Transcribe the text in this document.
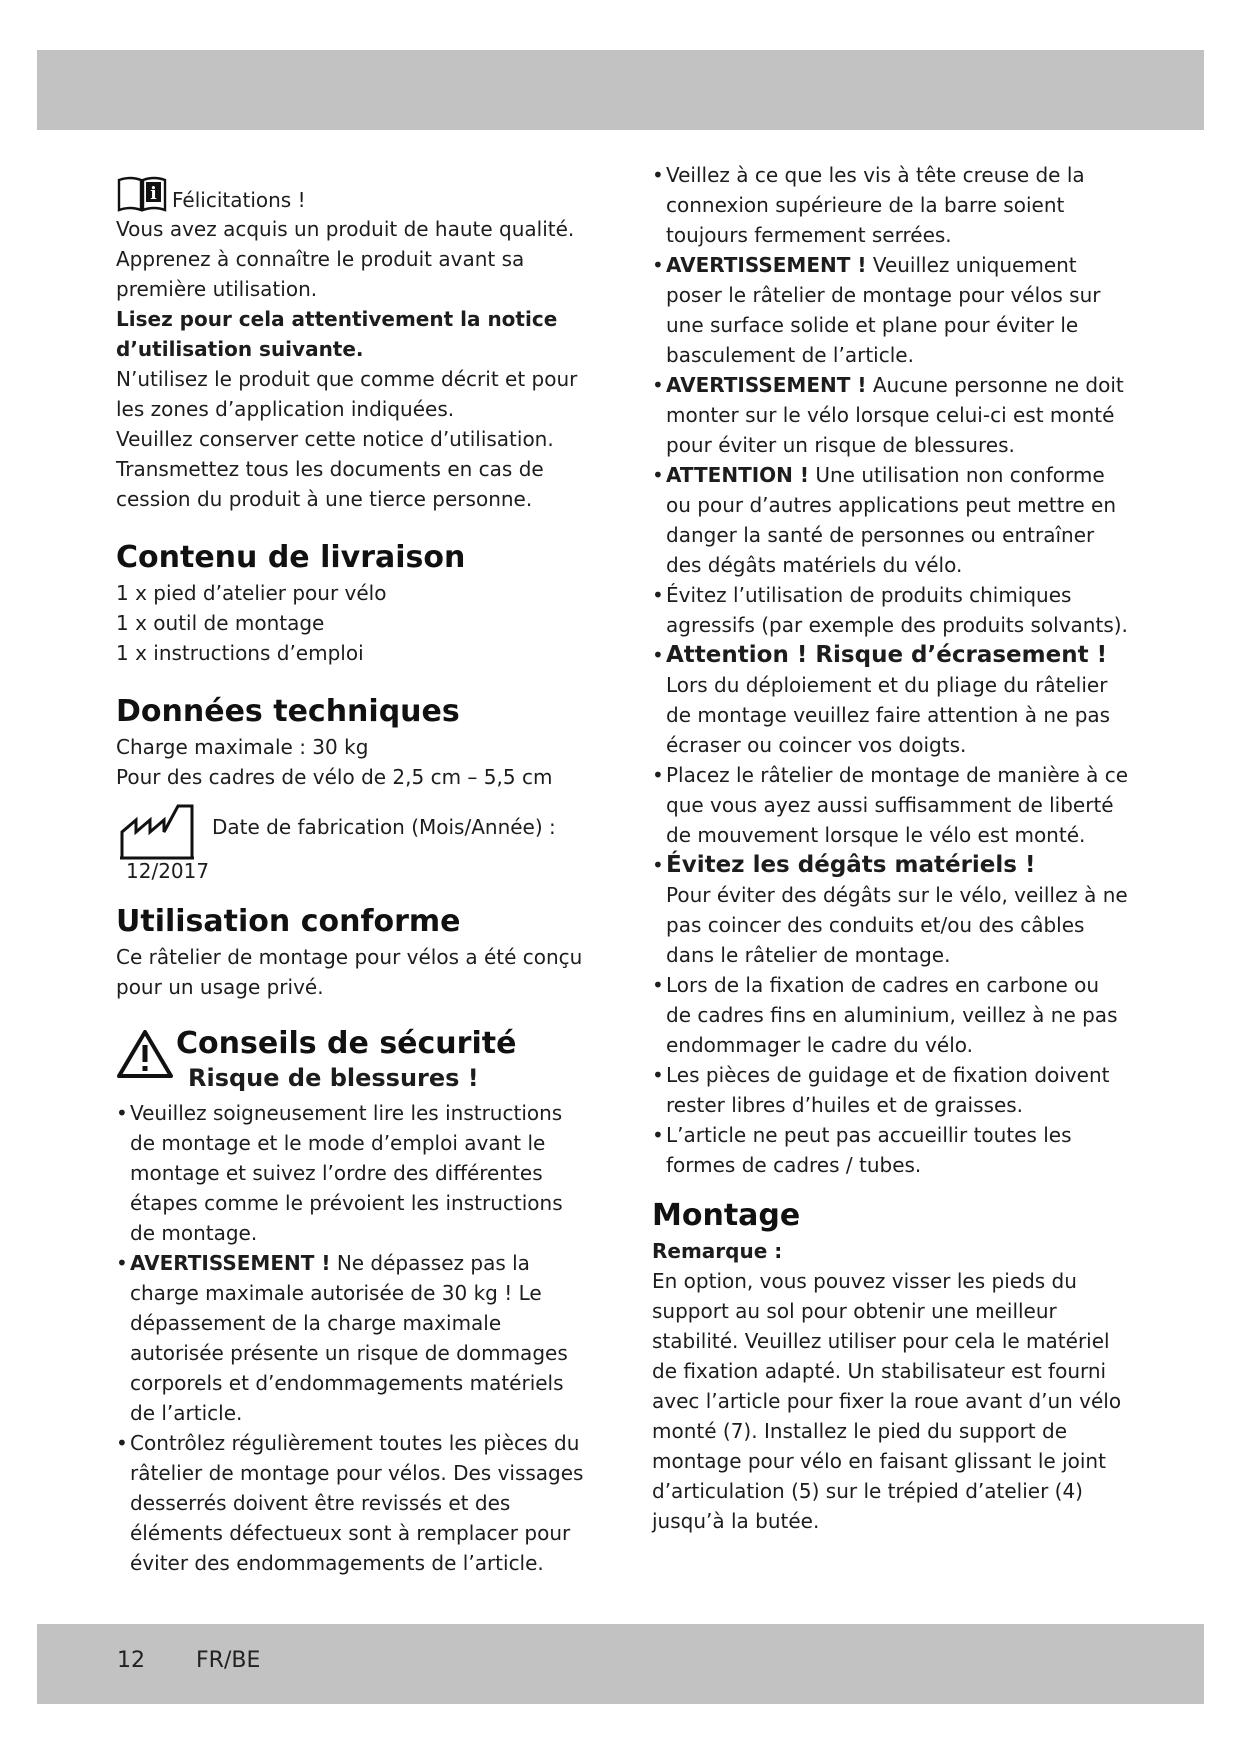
i Félicitations !

Vous avez acquis un produit de haute qualité.

Apprenez à connaître le produit avant sa première utilisation.

Lisez pour cela attentivement la notice d’utilisation suivante.

N’utilisez le produit que comme décrit et pour les zones d’application indiquées.

Veuillez conserver cette notice d’utilisation.

Transmettez tous les documents en cas de cession du produit à une tierce personne.

Contenu de livraison

1 x pied d’atelier pour vélo

1 x outil de montage

1 x instructions d’emploi

Données techniques

Charge maximale : 30 kg

Pour des cadres de vélo de 2,5 cm – 5,5 cm

Date de fabrication (Mois/Année) :

12/2017

Utilisation conforme

Ce râtelier de montage pour vélos a été conçu pour un usage privé.

Conseils de sécurité
Risque de blessures !
• Veuillez soigneusement lire les instructions de montage et le mode d’emploi avant le montage et suivez l’ordre des différentes étapes comme le prévoient les instructions de montage.
• AVERTISSEMENT ! Ne dépassez pas la charge maximale autorisée de 30 kg ! Le dépassement de la charge maximale autorisée présente un risque de dommages corporels et d’endommagements matériels de l’article.
• Contrôlez régulièrement toutes les pièces du râtelier de montage pour vélos. Des vissages desserrés doivent être revissés et des éléments défectueux sont à remplacer pour éviter des endommagements de l’article.
• Veillez à ce que les vis à tête creuse de la connexion supérieure de la barre soient toujours fermement serrées.
• AVERTISSEMENT ! Veuillez uniquement poser le râtelier de montage pour vélos sur une surface solide et plane pour éviter le basculement de l’article.
• AVERTISSEMENT ! Aucune personne ne doit monter sur le vélo lorsque celui-ci est monté pour éviter un risque de blessures.
• ATTENTION ! Une utilisation non conforme ou pour d’autres applications peut mettre en danger la santé de personnes ou entraîner des dégâts matériels du vélo.
• Évitez l’utilisation de produits chimiques agressifs (par exemple des produits solvants).
• Attention ! Risque d’écrasement !
Lors du déploiement et du pliage du râtelier de montage veuillez faire attention à ne pas écraser ou coincer vos doigts.
• Placez le râtelier de montage de manière à ce que vous ayez aussi suffisamment de liberté de mouvement lorsque le vélo est monté.
• Évitez les dégâts matériels !
Pour éviter des dégâts sur le vélo, veillez à ne pas coincer des conduits et/ou des câbles dans le râtelier de montage.
• Lors de la fixation de cadres en carbone ou de cadres fins en aluminium, veillez à ne pas endommager le cadre du vélo.
• Les pièces de guidage et de fixation doivent rester libres d’huiles et de graisses.
• L’article ne peut pas accueillir toutes les formes de cadres / tubes.
Montage

Remarque :

En option, vous pouvez visser les pieds du support au sol pour obtenir une meilleur stabilité. Veuillez utiliser pour cela le matériel de fixation adapté. Un stabilisateur est fourni avec l’article pour fixer la roue avant d’un vélo monté (7). Installez le pied du support de montage pour vélo en faisant glissant le joint d’articulation (5) sur le trépied d’atelier (4) jusqu’à la butée.

12 FR/BE
